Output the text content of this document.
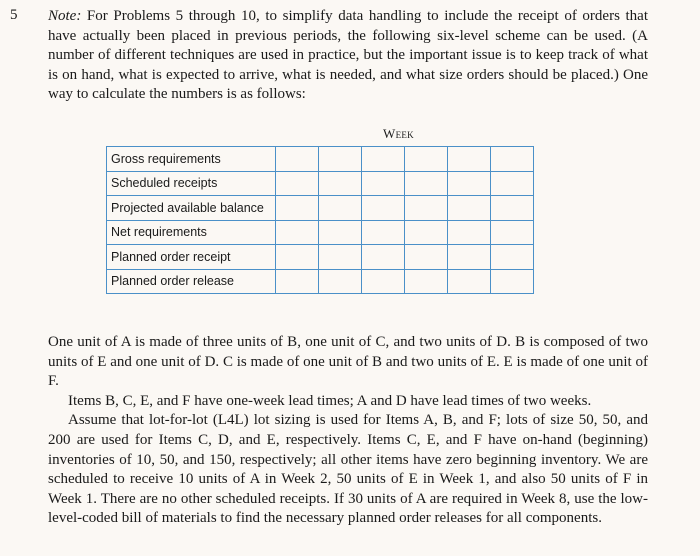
5 Note: For Problems 5 through 10, to simplify data handling to include the receipt of orders that have actually been placed in previous periods, the following six-level scheme can be used. (A number of different techniques are used in practice, but the important issue is to keep track of what is on hand, what is expected to arrive, what is needed, and what size orders should be placed.) One way to calculate the numbers is as follows:
Week
Gross requirements						
Scheduled receipts						
Projected available balance						
Net requirements						
Planned order receipt						
Planned order release						

One unit of A is made of three units of B, one unit of C, and two units of D. B is composed of two units of E and one unit of D. C is made of one unit of B and two units of E. E is made of one unit of F.

Items B, C, E, and F have one-week lead times; A and D have lead times of two weeks.

Assume that lot-for-lot (L4L) lot sizing is used for Items A, B, and F; lots of size 50, 50, and 200 are used for Items C, D, and E, respectively. Items C, E, and F have on-hand (beginning) inventories of 10, 50, and 150, respectively; all other items have zero beginning inventory. We are scheduled to receive 10 units of A in Week 2, 50 units of E in Week 1, and also 50 units of F in Week 1. There are no other scheduled receipts. If 30 units of A are required in Week 8, use the low-level-coded bill of materials to find the necessary planned order releases for all components.
